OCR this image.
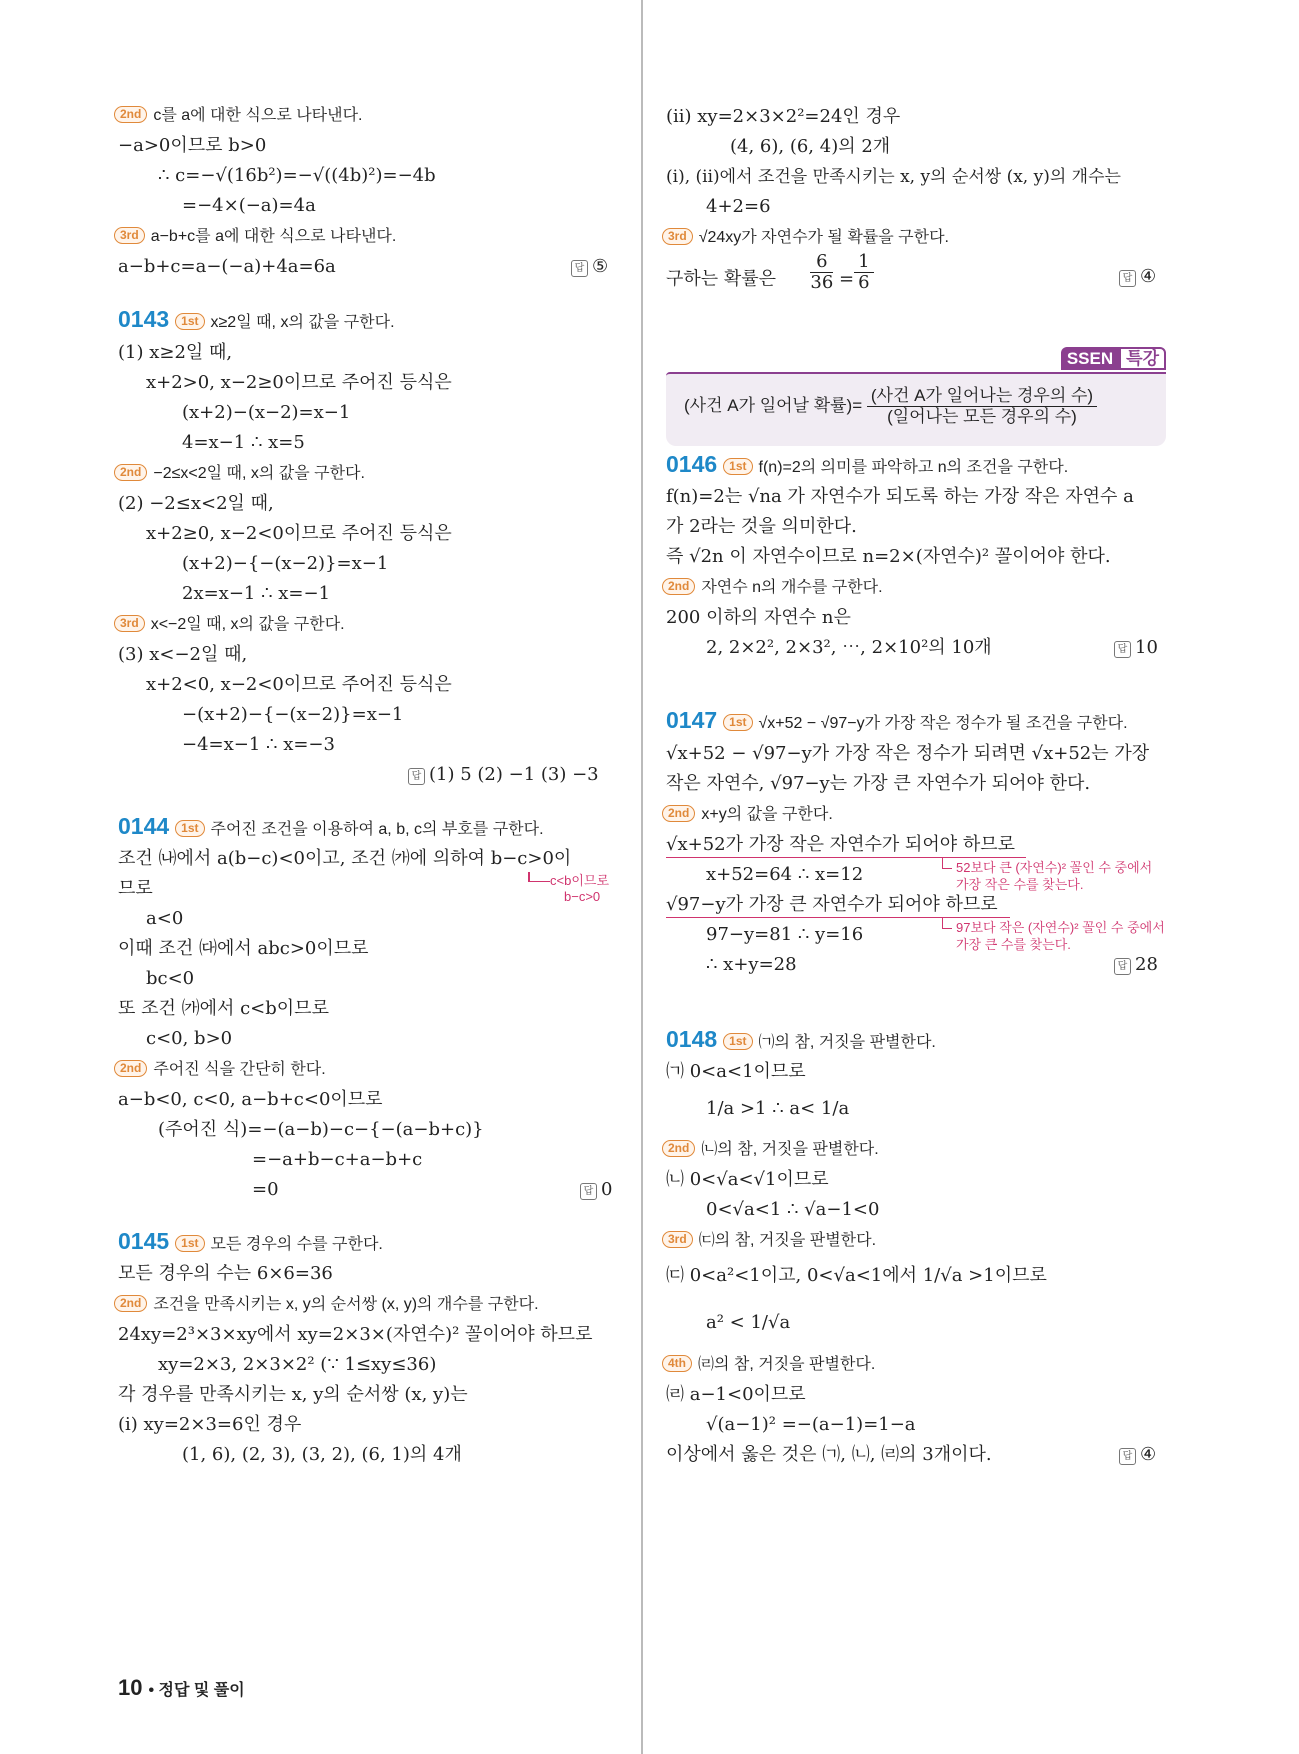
2nd c를 a에 대한 식으로 나타낸다.
−a>0이므로 b>0
∴ c=−√(16b²)=−√((4b)²)=−4b
=−4×(−a)=4a
3rd a−b+c를 a에 대한 식으로 나타낸다.
a−b+c=a−(−a)+4a=6a	답 ⑤
0143 1st x≥2일 때, x의 값을 구한다.
(1) x≥2일 때,
x+2>0, x−2≥0이므로 주어진 등식은
(x+2)−(x−2)=x−1
4=x−1 ∴ x=5
2nd −2≤x<2일 때, x의 값을 구한다.
(2) −2≤x<2일 때,
x+2≥0, x−2<0이므로 주어진 등식은
(x+2)−{−(x−2)}=x−1
2x=x−1 ∴ x=−1
3rd x<−2일 때, x의 값을 구한다.
(3) x<−2일 때,
x+2<0, x−2<0이므로 주어진 등식은
−(x+2)−{−(x−2)}=x−1
−4=x−1 ∴ x=−3
답 (1) 5 (2) −1 (3) −3
0144 1st 주어진 조건을 이용하여 a, b, c의 부호를 구한다.
조건 ㈏에서 a(b−c)<0이고, 조건 ㈎에 의하여 b−c>0이
므로	c<b이므로
b−c>0
a<0
이때 조건 ㈐에서 abc>0이므로
bc<0
또 조건 ㈎에서 c<b이므로
c<0, b>0
2nd 주어진 식을 간단히 한다.
a−b<0, c<0, a−b+c<0이므로
(주어진 식)=−(a−b)−c−{−(a−b+c)}
=−a+b−c+a−b+c
=0	답 0
0145 1st 모든 경우의 수를 구한다.
모든 경우의 수는 6×6=36
2nd 조건을 만족시키는 x, y의 순서쌍 (x, y)의 개수를 구한다.
24xy=2³×3×xy에서 xy=2×3×(자연수)² 꼴이어야 하므로
xy=2×3, 2×3×2² (∵ 1≤xy≤36)
각 경우를 만족시키는 x, y의 순서쌍 (x, y)는
(ⅰ) xy=2×3=6인 경우
(1, 6), (2, 3), (3, 2), (6, 1)의 4개
(ⅱ) xy=2×3×2²=24인 경우
(4, 6), (6, 4)의 2개
(ⅰ), (ⅱ)에서 조건을 만족시키는 x, y의 순서쌍 (x, y)의 개수는
4+2=6
3rd √24xy가 자연수가 될 확률을 구한다.
구하는 확률은 $\frac{6}{36} = \frac{1}{6}$	답 ④
SSEN 특강
(사건 A가 일어날 확률)= $\frac{\text{(사건 A가 일어나는 경우의 수)}}{\text{(일어나는 모든 경우의 수)}}$
0146 1st f(n)=2의 의미를 파악하고 n의 조건을 구한다.
f(n)=2는 √na 가 자연수가 되도록 하는 가장 작은 자연수 a
가 2라는 것을 의미한다.
즉 √2n 이 자연수이므로 n=2×(자연수)² 꼴이어야 한다.
2nd 자연수 n의 개수를 구한다.
200 이하의 자연수 n은
2, 2×2², 2×3², ⋯, 2×10²의 10개	답 10
0147 1st √x+52 − √97−y가 가장 작은 정수가 될 조건을 구한다.
√x+52 − √97−y가 가장 작은 정수가 되려면 √x+52는 가장
작은 자연수, √97−y는 가장 큰 자연수가 되어야 한다.
2nd x+y의 값을 구한다.
√x+52가 가장 작은 자연수가 되어야 하므로
x+52=64 ∴ x=12	52보다 큰 (자연수)² 꼴인 수 중에서
가장 작은 수를 찾는다.
√97−y가 가장 큰 자연수가 되어야 하므로
97−y=81 ∴ y=16	97보다 작은 (자연수)² 꼴인 수 중에서
가장 큰 수를 찾는다.
∴ x+y=28	답 28
0148 1st ㈀의 참, 거짓을 판별한다.
㈀ 0<a<1이므로
1/a >1 ∴ a< 1/a
2nd ㈁의 참, 거짓을 판별한다.
㈁ 0<√a<√1이므로
0<√a<1 ∴ √a−1<0
3rd ㈂의 참, 거짓을 판별한다.
㈂ 0<a²<1이고, 0<√a<1에서 1/√a >1이므로
a² < 1/√a
4th ㈃의 참, 거짓을 판별한다.
㈃ a−1<0이므로
√(a−1)² =−(a−1)=1−a
이상에서 옳은 것은 ㈀, ㈁, ㈃의 3개이다.	답 ④
10 • 정답 및 풀이
